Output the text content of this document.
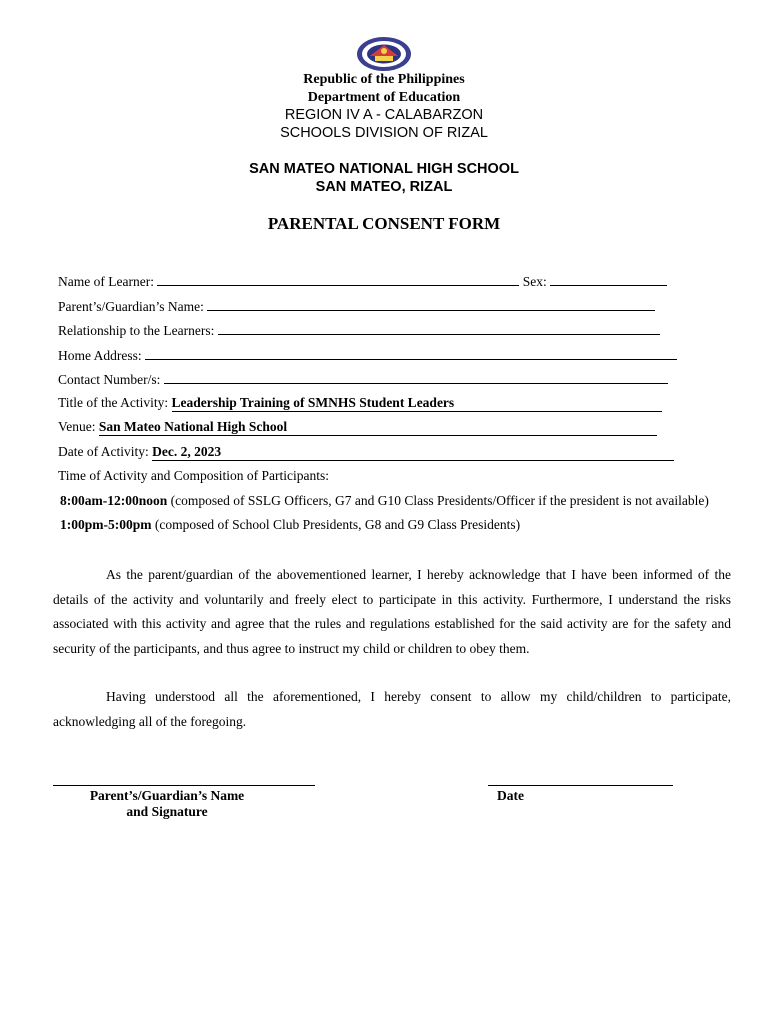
Republic of the Philippines
Department of Education
REGION IV A - CALABARZON
SCHOOLS DIVISION OF RIZAL
SAN MATEO NATIONAL HIGH SCHOOL
SAN MATEO, RIZAL
PARENTAL CONSENT FORM
Name of Learner:	Sex:
Parent’s/Guardian’s Name:
Relationship to the Learners:
Home Address:
Contact Number/s:
Title of the Activity: Leadership Training of SMNHS Student Leaders
Venue: San Mateo National High School
Date of Activity: Dec. 2, 2023
Time of Activity and Composition of Participants:
8:00am-12:00noon (composed of SSLG Officers, G7 and G10 Class Presidents/Officer if the president is not available)
1:00pm-5:00pm (composed of School Club Presidents, G8 and G9 Class Presidents)

As the parent/guardian of the abovementioned learner, I hereby acknowledge that I have been informed of the details of the activity and voluntarily and freely elect to participate in this activity. Furthermore, I understand the risks associated with this activity and agree that the rules and regulations established for the said activity are for the safety and security of the participants, and thus agree to instruct my child or children to obey them.

Having understood all the aforementioned, I hereby consent to allow my child/children to participate, acknowledging all of the foregoing.

Parent’s/Guardian’s Name
and Signature
Date
